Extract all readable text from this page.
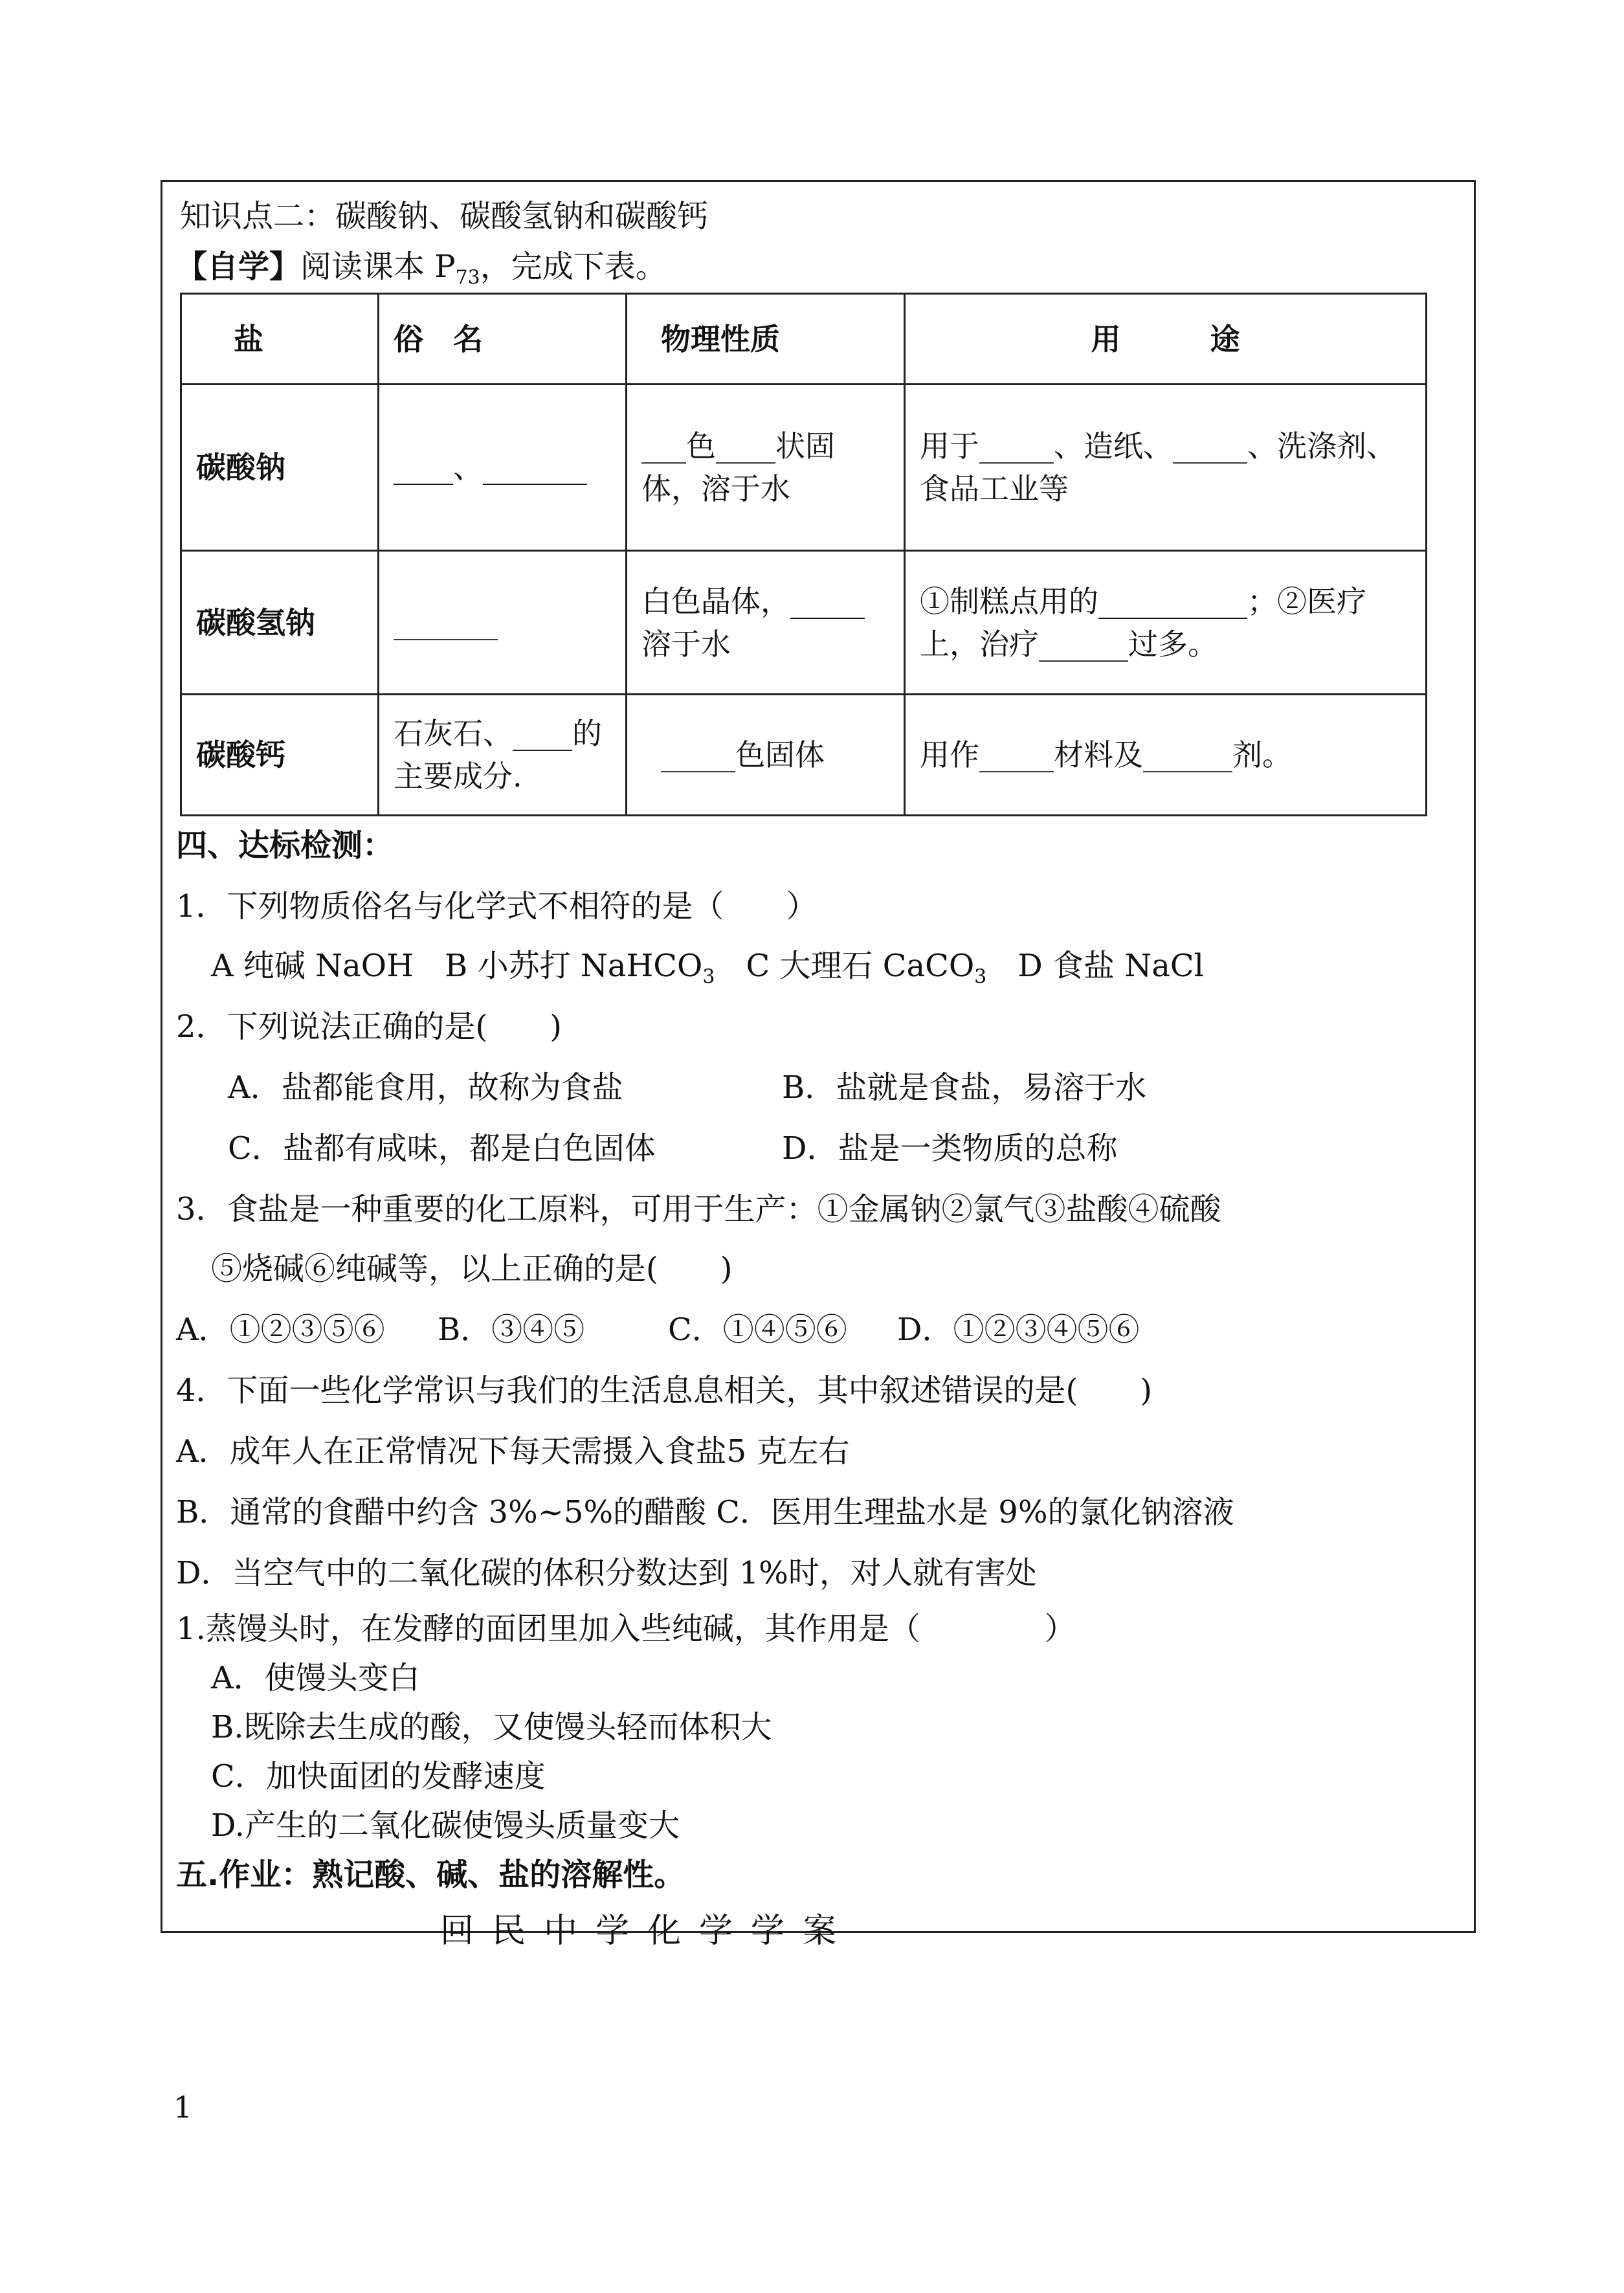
知识点二：碳酸钠、碳酸氢钠和碳酸钙
【自学】阅读课本 $P_{73}$，完成下表。
盐	俗　名	物理性质	用　　　途
碳酸钠	____、_______	___色____状固体，溶于水	用于_____、造纸、_____、洗涤剂、食品工业等
碳酸氢钠	_______	白色晶体，_____溶于水	①制糕点用的__________；②医疗上，治疗______过多。
碳酸钙	石灰石、____的主要成分.	_____色固体	用作_____材料及______剂。
四、达标检测：
1．下列物质俗名与化学式不相符的是（　　）
A 纯碱 NaOH　 B 小苏打 NaHCO$_3$　 C 大理石 CaCO$_3$　 D 食盐 NaCl
2．下列说法正确的是(　　)
A．盐都能食用，故称为食盐	B．盐就是食盐，易溶于水
C．盐都有咸味，都是白色固体	D．盐是一类物质的总称
3．食盐是一种重要的化工原料，可用于生产：①金属钠②氯气③盐酸④硫酸
⑤烧碱⑥纯碱等，以上正确的是(　　)
A．①②③⑤⑥ B．③④⑤	C．①④⑤⑥ D．①②③④⑤⑥
4．下面一些化学常识与我们的生活息息相关，其中叙述错误的是(　　)
A．成年人在正常情况下每天需摄入食盐5 克左右
B．通常的食醋中约含 3%~5%的醋酸 C．医用生理盐水是 9%的氯化钠溶液
D．当空气中的二氧化碳的体积分数达到 1%时，对人就有害处
1.蒸馒头时，在发酵的面团里加入些纯碱，其作用是（　　　　）
A．使馒头变白
B.既除去生成的酸，又使馒头轻而体积大
C．加快面团的发酵速度
D.产生的二氧化碳使馒头质量变大
五.作业：熟记酸、碱、盐的溶解性。
回民中学化学学案
1
